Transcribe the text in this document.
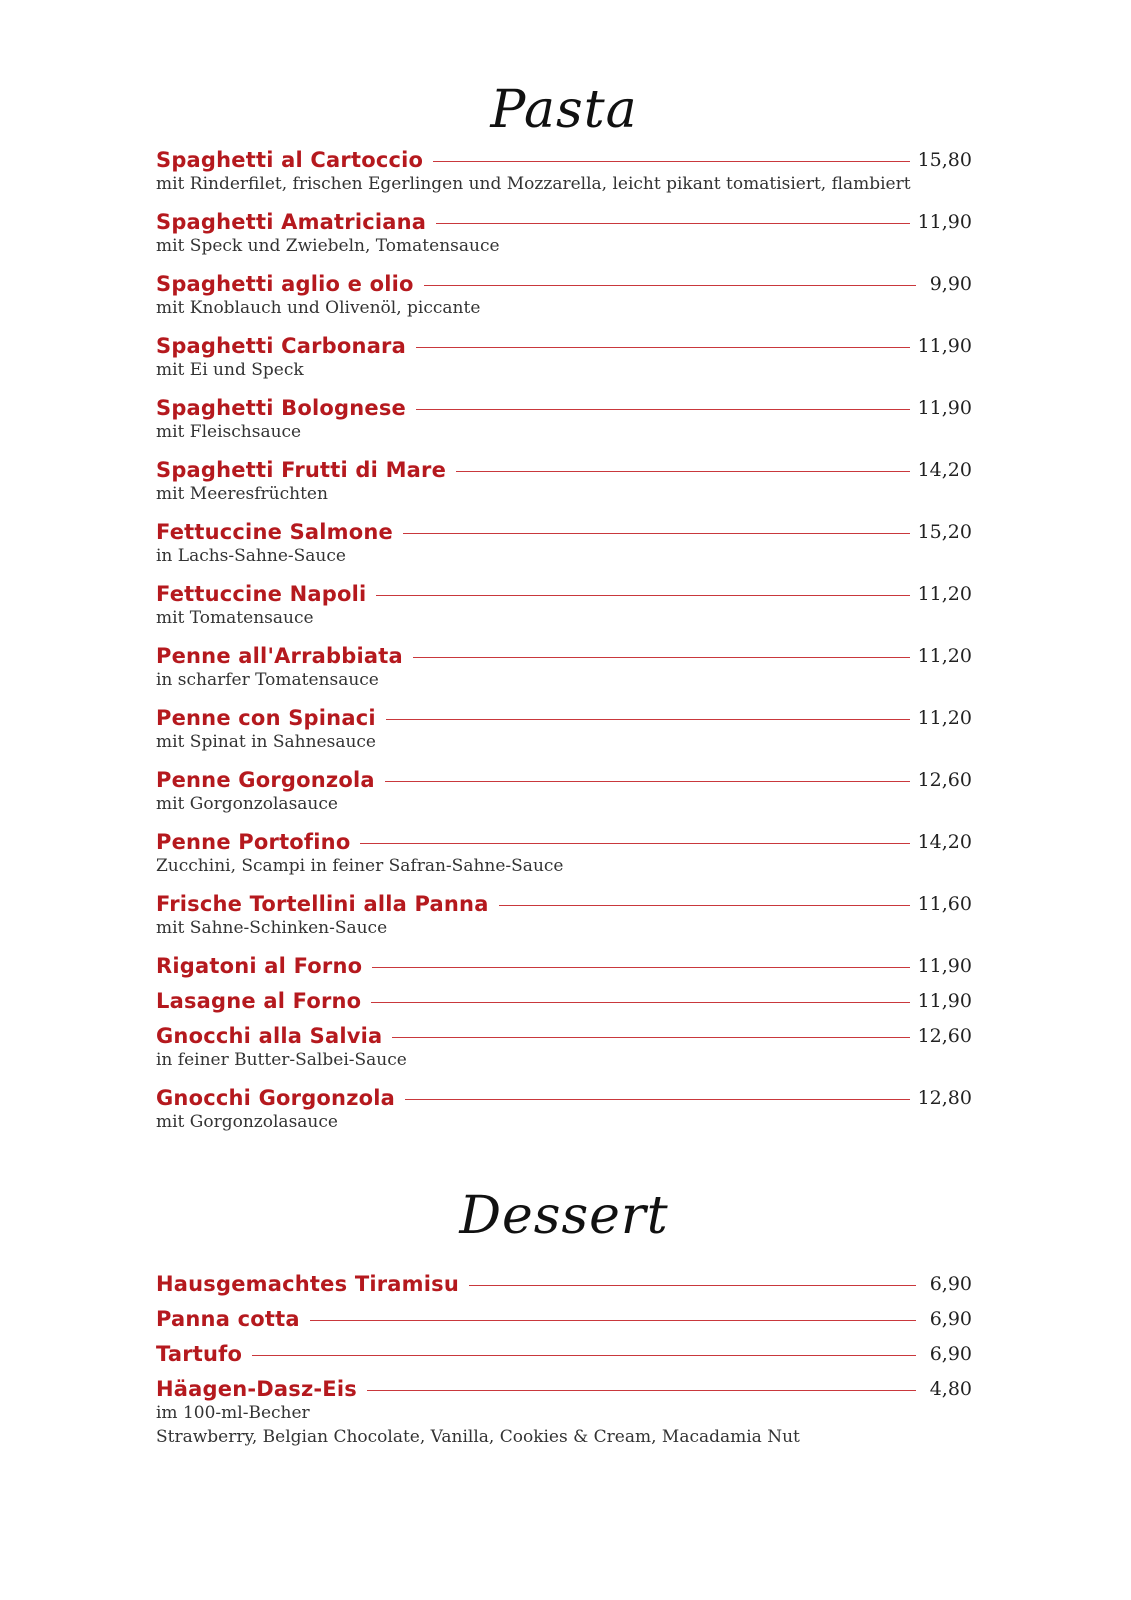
Pasta
Spaghetti al Cartoccio	15,80
mit Rinderfilet, frischen Egerlingen und Mozzarella, leicht pikant tomatisiert, flambiert
Spaghetti Amatriciana	11,90
mit Speck und Zwiebeln, Tomatensauce
Spaghetti aglio e olio	9,90
mit Knoblauch und Olivenöl, piccante
Spaghetti Carbonara	11,90
mit Ei und Speck
Spaghetti Bolognese	11,90
mit Fleischsauce
Spaghetti Frutti di Mare	14,20
mit Meeresfrüchten
Fettuccine Salmone	15,20
in Lachs-Sahne-Sauce
Fettuccine Napoli	11,20
mit Tomatensauce
Penne all'Arrabbiata	11,20
in scharfer Tomatensauce
Penne con Spinaci	11,20
mit Spinat in Sahnesauce
Penne Gorgonzola	12,60
mit Gorgonzolasauce
Penne Portofino	14,20
Zucchini, Scampi in feiner Safran-Sahne-Sauce
Frische Tortellini alla Panna	11,60
mit Sahne-Schinken-Sauce
Rigatoni al Forno	11,90
Lasagne al Forno	11,90
Gnocchi alla Salvia	12,60
in feiner Butter-Salbei-Sauce
Gnocchi Gorgonzola	12,80
mit Gorgonzolasauce
Dessert
Hausgemachtes Tiramisu	6,90
Panna cotta	6,90
Tartufo	6,90
Häagen-Dasz-Eis	4,80
im 100-ml-Becher
Strawberry, Belgian Chocolate, Vanilla, Cookies & Cream, Macadamia Nut
